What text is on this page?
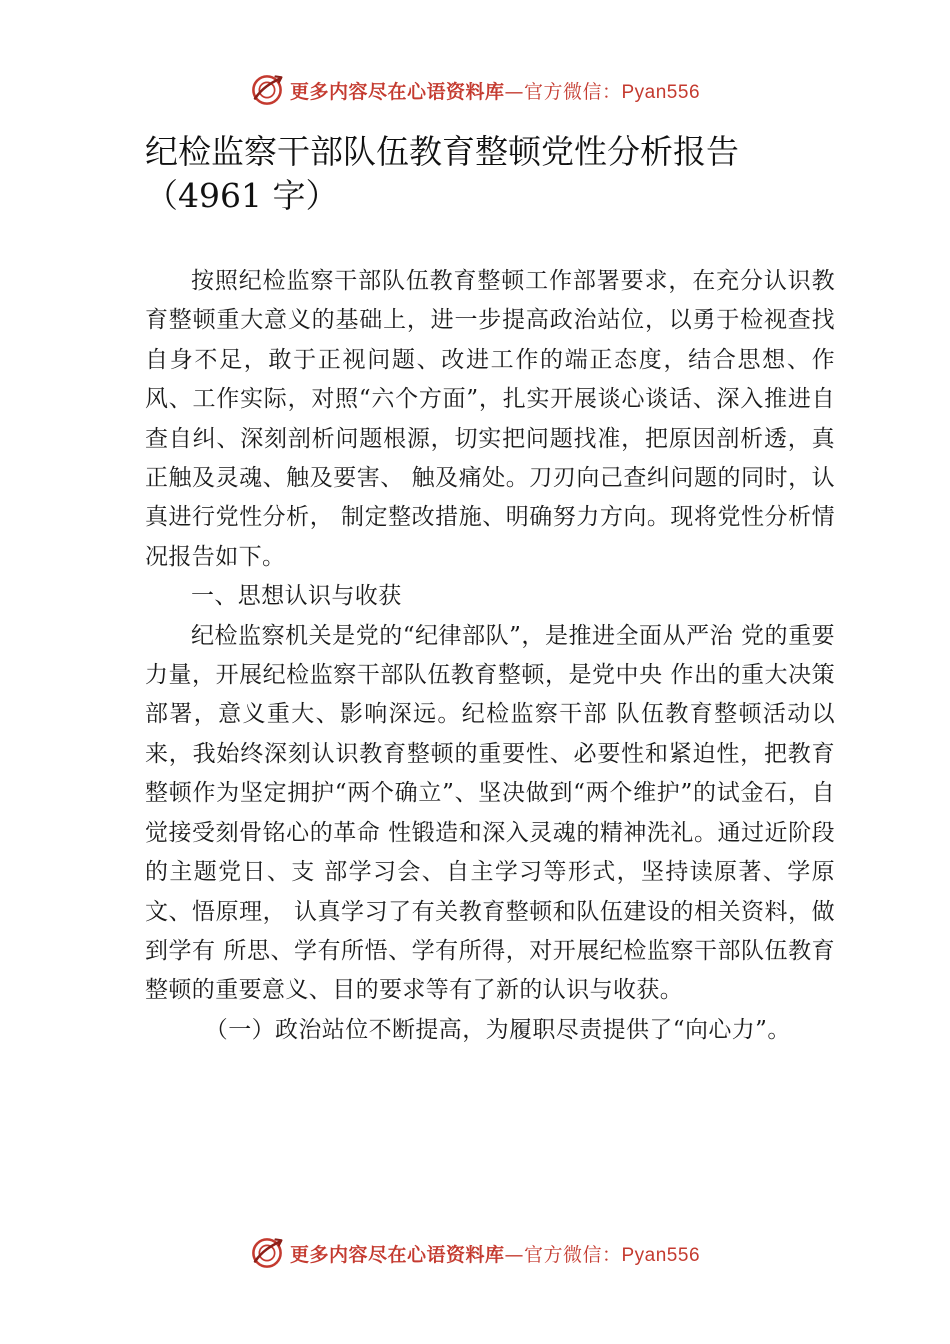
更多内容尽在心语资料库—官方微信：Pyan556
纪检监察干部队伍教育整顿党性分析报告（4961 字）

按照纪检监察干部队伍教育整顿工作部署要求，在充分认识教育整顿重大意义的基础上，进一步提高政治站位，以勇于检视查找自身不足，敢于正视问题、改进工作的端正态度，结合思想、作风、工作实际，对照“六个方面”，扎实开展谈心谈话、深入推进自查自纠、深刻剖析问题根源，切实把问题找准，把原因剖析透，真正触及灵魂、触及要害、 触及痛处。刀刃向己查纠问题的同时，认真进行党性分析， 制定整改措施、明确努力方向。现将党性分析情况报告如下。

一、思想认识与收获

纪检监察机关是党的“纪律部队”，是推进全面从严治 党的重要力量，开展纪检监察干部队伍教育整顿，是党中央 作出的重大决策部署，意义重大、影响深远。纪检监察干部 队伍教育整顿活动以来，我始终深刻认识教育整顿的重要性、必要性和紧迫性，把教育整顿作为坚定拥护“两个确立”、坚决做到“两个维护”的试金石，自觉接受刻骨铭心的革命 性锻造和深入灵魂的精神洗礼。通过近阶段的主题党日、支 部学习会、自主学习等形式，坚持读原著、学原文、悟原理， 认真学习了有关教育整顿和队伍建设的相关资料，做到学有 所思、学有所悟、学有所得，对开展纪检监察干部队伍教育整顿的重要意义、目的要求等有了新的认识与收获。

（一）政治站位不断提高，为履职尽责提供了“向心力”。

更多内容尽在心语资料库—官方微信：Pyan556
